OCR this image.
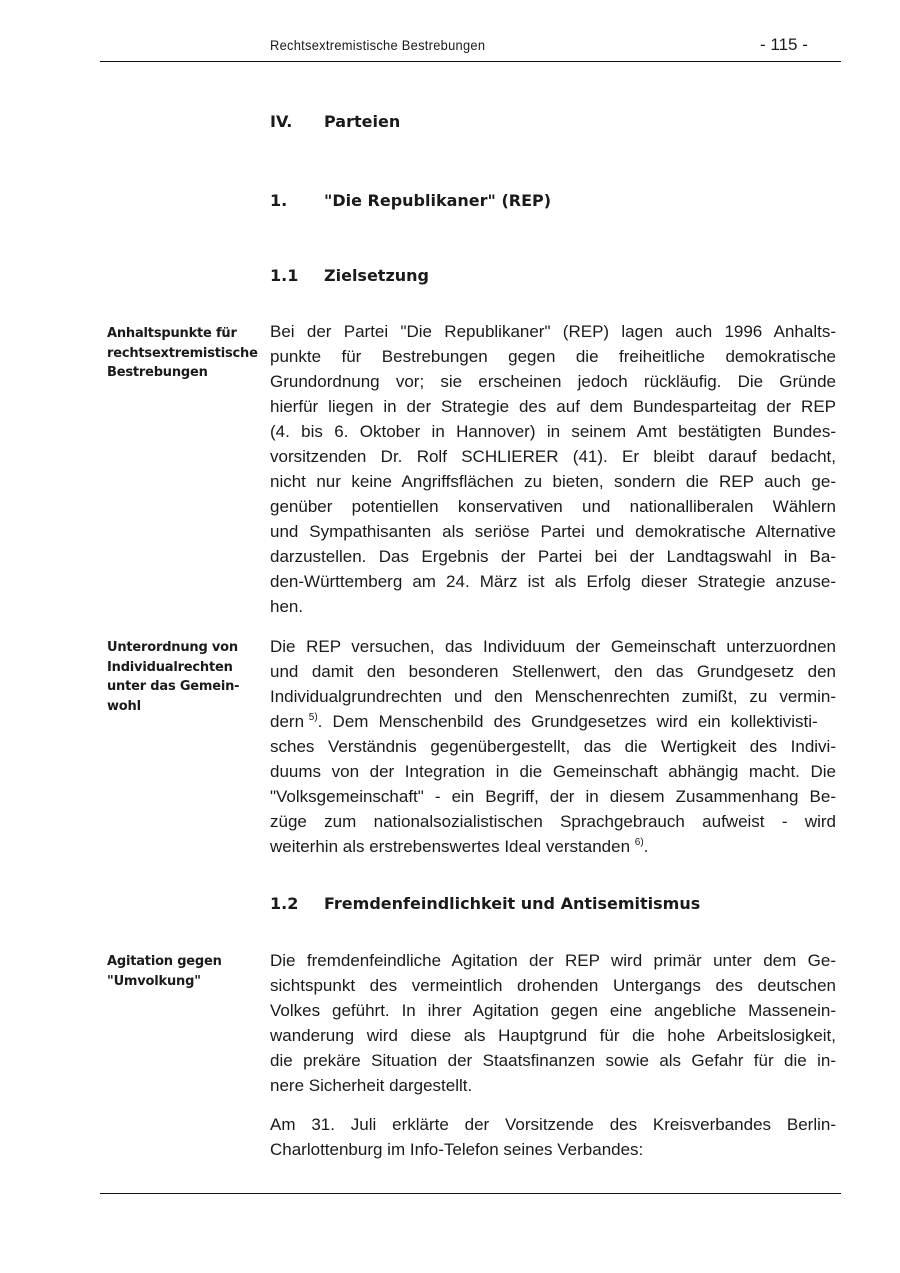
Rechtsextremistische Bestrebungen	- 115 -
IV. Parteien
1. "Die Republikaner" (REP)
1.1 Zielsetzung
Anhaltspunkte für
rechtsextremistische
Bestrebungen
Bei der Partei "Die Republikaner" (REP) lagen auch 1996 Anhalts-
punkte für Bestrebungen gegen die freiheitliche demokratische
Grundordnung vor; sie erscheinen jedoch rückläufig. Die Gründe
hierfür liegen in der Strategie des auf dem Bundesparteitag der REP
(4. bis 6. Oktober in Hannover) in seinem Amt bestätigten Bundes-
vorsitzenden Dr. Rolf SCHLIERER (41). Er bleibt darauf bedacht,
nicht nur keine Angriffsflächen zu bieten, sondern die REP auch ge-
genüber potentiellen konservativen und nationalliberalen Wählern
und Sympathisanten als seriöse Partei und demokratische Alternative
darzustellen. Das Ergebnis der Partei bei der Landtagswahl in Ba-
den-Württemberg am 24. März ist als Erfolg dieser Strategie anzuse-
hen.
Unterordnung von
Individualrechten
unter das Gemein-
wohl
Die REP versuchen, das Individuum der Gemeinschaft unterzuordnen
und damit den besonderen Stellenwert, den das Grundgesetz den
Individualgrundrechten und den Menschenrechten zumißt, zu vermin-
dern $^{5)}$. Dem Menschenbild des Grundgesetzes wird ein kollektivisti-
sches Verständnis gegenübergestellt, das die Wertigkeit des Indivi-
duums von der Integration in die Gemeinschaft abhängig macht. Die
"Volksgemeinschaft" - ein Begriff, der in diesem Zusammenhang Be-
züge zum nationalsozialistischen Sprachgebrauch aufweist - wird
weiterhin als erstrebenswertes Ideal verstanden $^{6)}$.
1.2 Fremdenfeindlichkeit und Antisemitismus
Agitation gegen
"Umvolkung"
Die fremdenfeindliche Agitation der REP wird primär unter dem Ge-
sichtspunkt des vermeintlich drohenden Untergangs des deutschen
Volkes geführt. In ihrer Agitation gegen eine angebliche Massenein-
wanderung wird diese als Hauptgrund für die hohe Arbeitslosigkeit,
die prekäre Situation der Staatsfinanzen sowie als Gefahr für die in-
nere Sicherheit dargestellt.
Am 31. Juli erklärte der Vorsitzende des Kreisverbandes Berlin-
Charlottenburg im Info-Telefon seines Verbandes:
